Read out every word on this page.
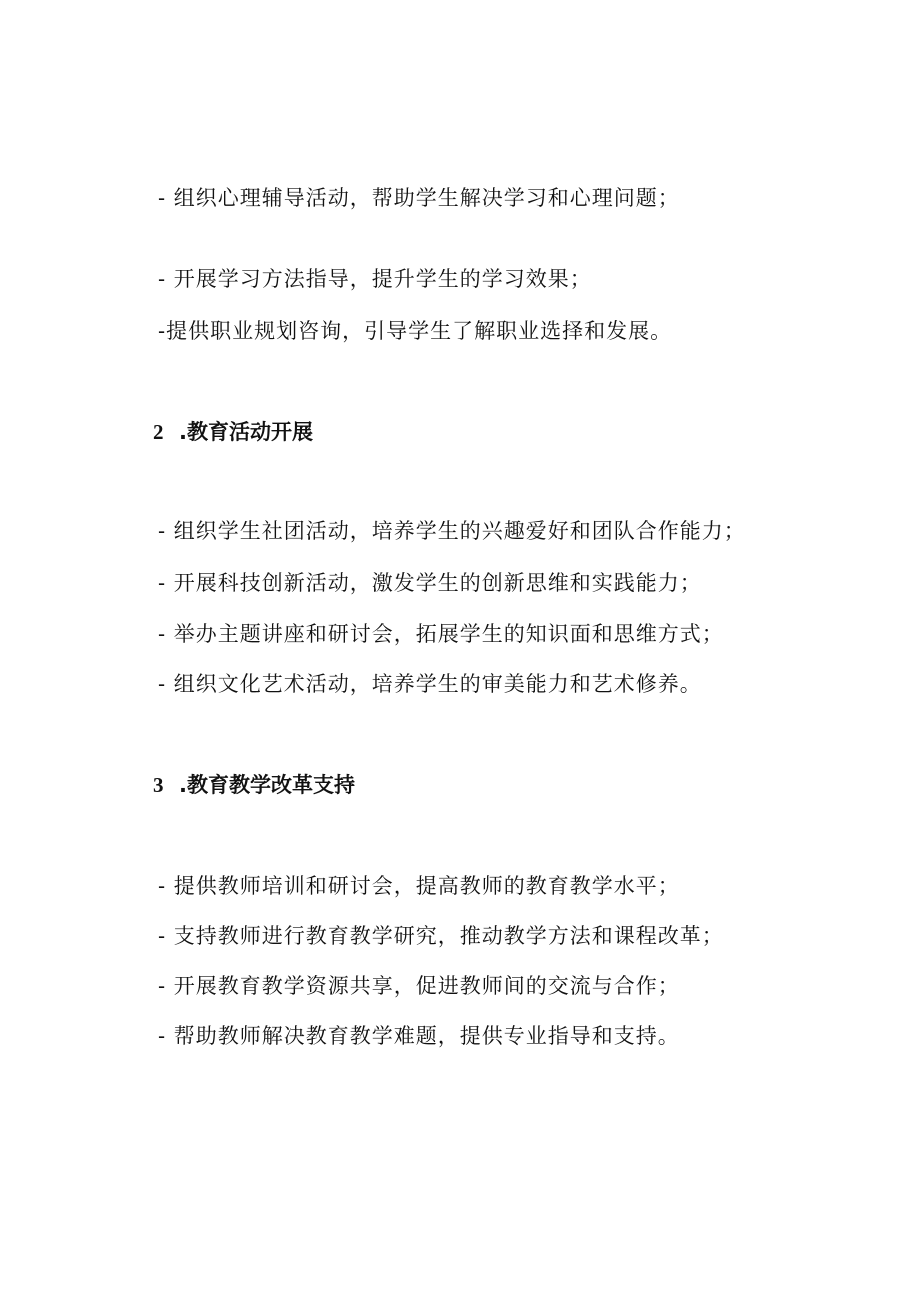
- 组织心理辅导活动，帮助学生解决学习和心理问题；
- 开展学习方法指导，提升学生的学习效果；
-提供职业规划咨询，引导学生了解职业选择和发展。
2 .教育活动开展
- 组织学生社团活动，培养学生的兴趣爱好和团队合作能力；
- 开展科技创新活动，激发学生的创新思维和实践能力；
- 举办主题讲座和研讨会，拓展学生的知识面和思维方式；
- 组织文化艺术活动，培养学生的审美能力和艺术修养。
3 .教育教学改革支持
- 提供教师培训和研讨会，提高教师的教育教学水平；
- 支持教师进行教育教学研究，推动教学方法和课程改革；
- 开展教育教学资源共享，促进教师间的交流与合作；
- 帮助教师解决教育教学难题，提供专业指导和支持。
